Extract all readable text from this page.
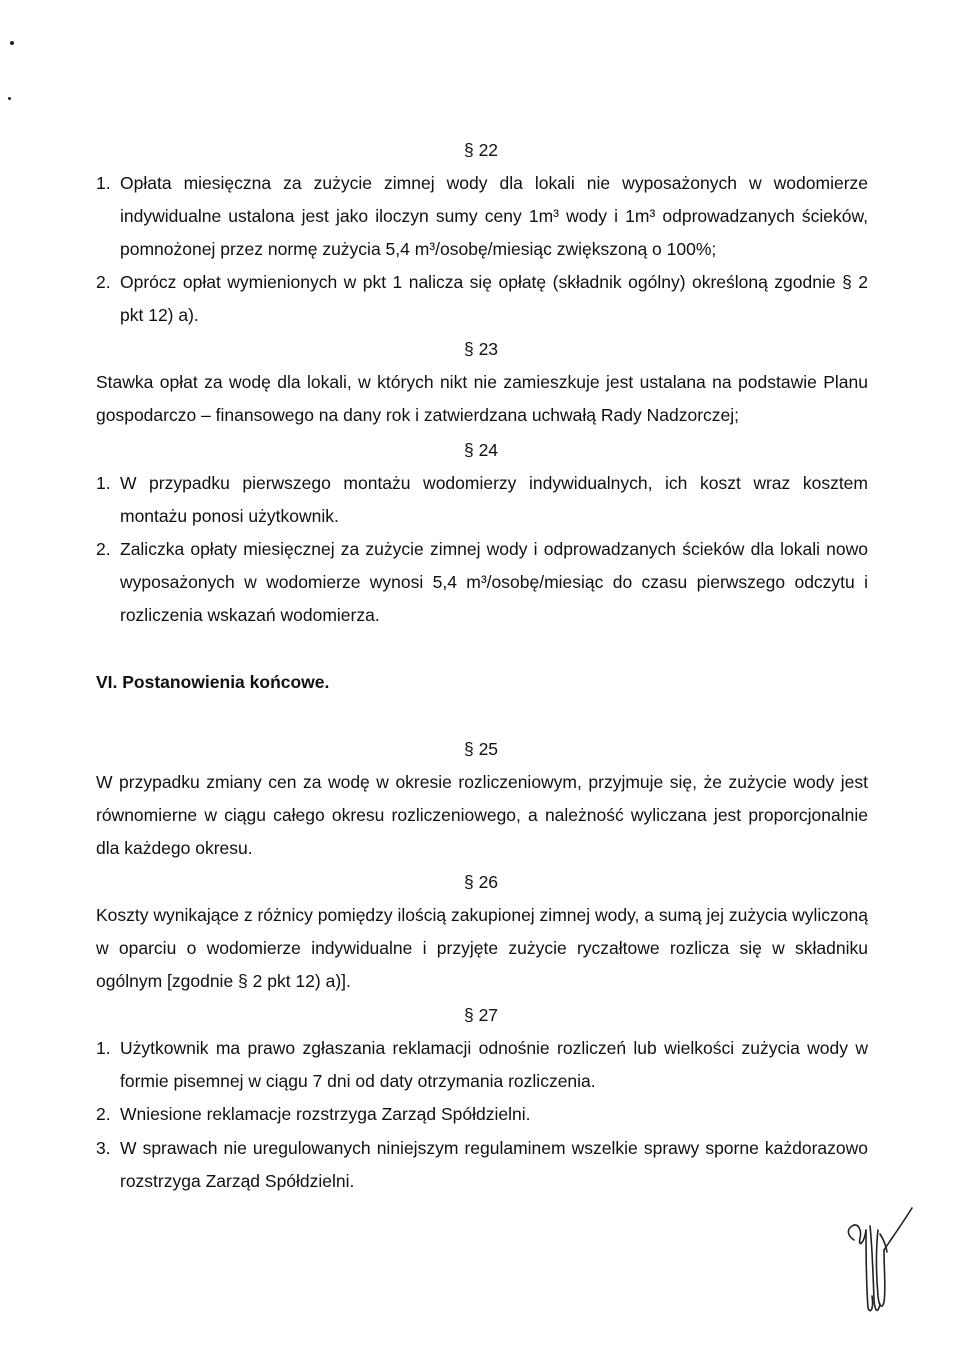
§ 22
1. Opłata miesięczna za zużycie zimnej wody dla lokali nie wyposażonych w wodomierze indywidualne ustalona jest jako iloczyn sumy ceny 1m³ wody i 1m³ odprowadzanych ścieków, pomnożonej przez normę zużycia 5,4 m³/osobę/miesiąc zwiększoną o 100%;
2. Oprócz opłat wymienionych w pkt 1 nalicza się opłatę (składnik ogólny) określoną zgodnie § 2 pkt 12) a).
§ 23
Stawka opłat za wodę dla lokali, w których nikt nie zamieszkuje jest ustalana na podstawie Planu gospodarczo – finansowego na dany rok i zatwierdzana uchwałą Rady Nadzorczej;
§ 24
1. W przypadku pierwszego montażu wodomierzy indywidualnych, ich koszt wraz kosztem montażu ponosi użytkownik.
2. Zaliczka opłaty miesięcznej za zużycie zimnej wody i odprowadzanych ścieków dla lokali nowo wyposażonych w wodomierze wynosi 5,4 m³/osobę/miesiąc do czasu pierwszego odczytu i rozliczenia wskazań wodomierza.
VI. Postanowienia końcowe.
§ 25
W przypadku zmiany cen za wodę w okresie rozliczeniowym, przyjmuje się, że zużycie wody jest równomierne w ciągu całego okresu rozliczeniowego, a należność wyliczana jest proporcjonalnie dla każdego okresu.
§ 26
Koszty wynikające z różnicy pomiędzy ilością zakupionej zimnej wody, a sumą jej zużycia wyliczoną w oparciu o wodomierze indywidualne i przyjęte zużycie ryczałtowe rozlicza się w składniku ogólnym [zgodnie § 2 pkt 12) a)].
§ 27
1. Użytkownik ma prawo zgłaszania reklamacji odnośnie rozliczeń lub wielkości zużycia wody w formie pisemnej w ciągu 7 dni od daty otrzymania rozliczenia.
2. Wniesione reklamacje rozstrzyga Zarząd Spółdzielni.
3. W sprawach nie uregulowanych niniejszym regulaminem wszelkie sprawy sporne każdorazowo rozstrzyga Zarząd Spółdzielni.
